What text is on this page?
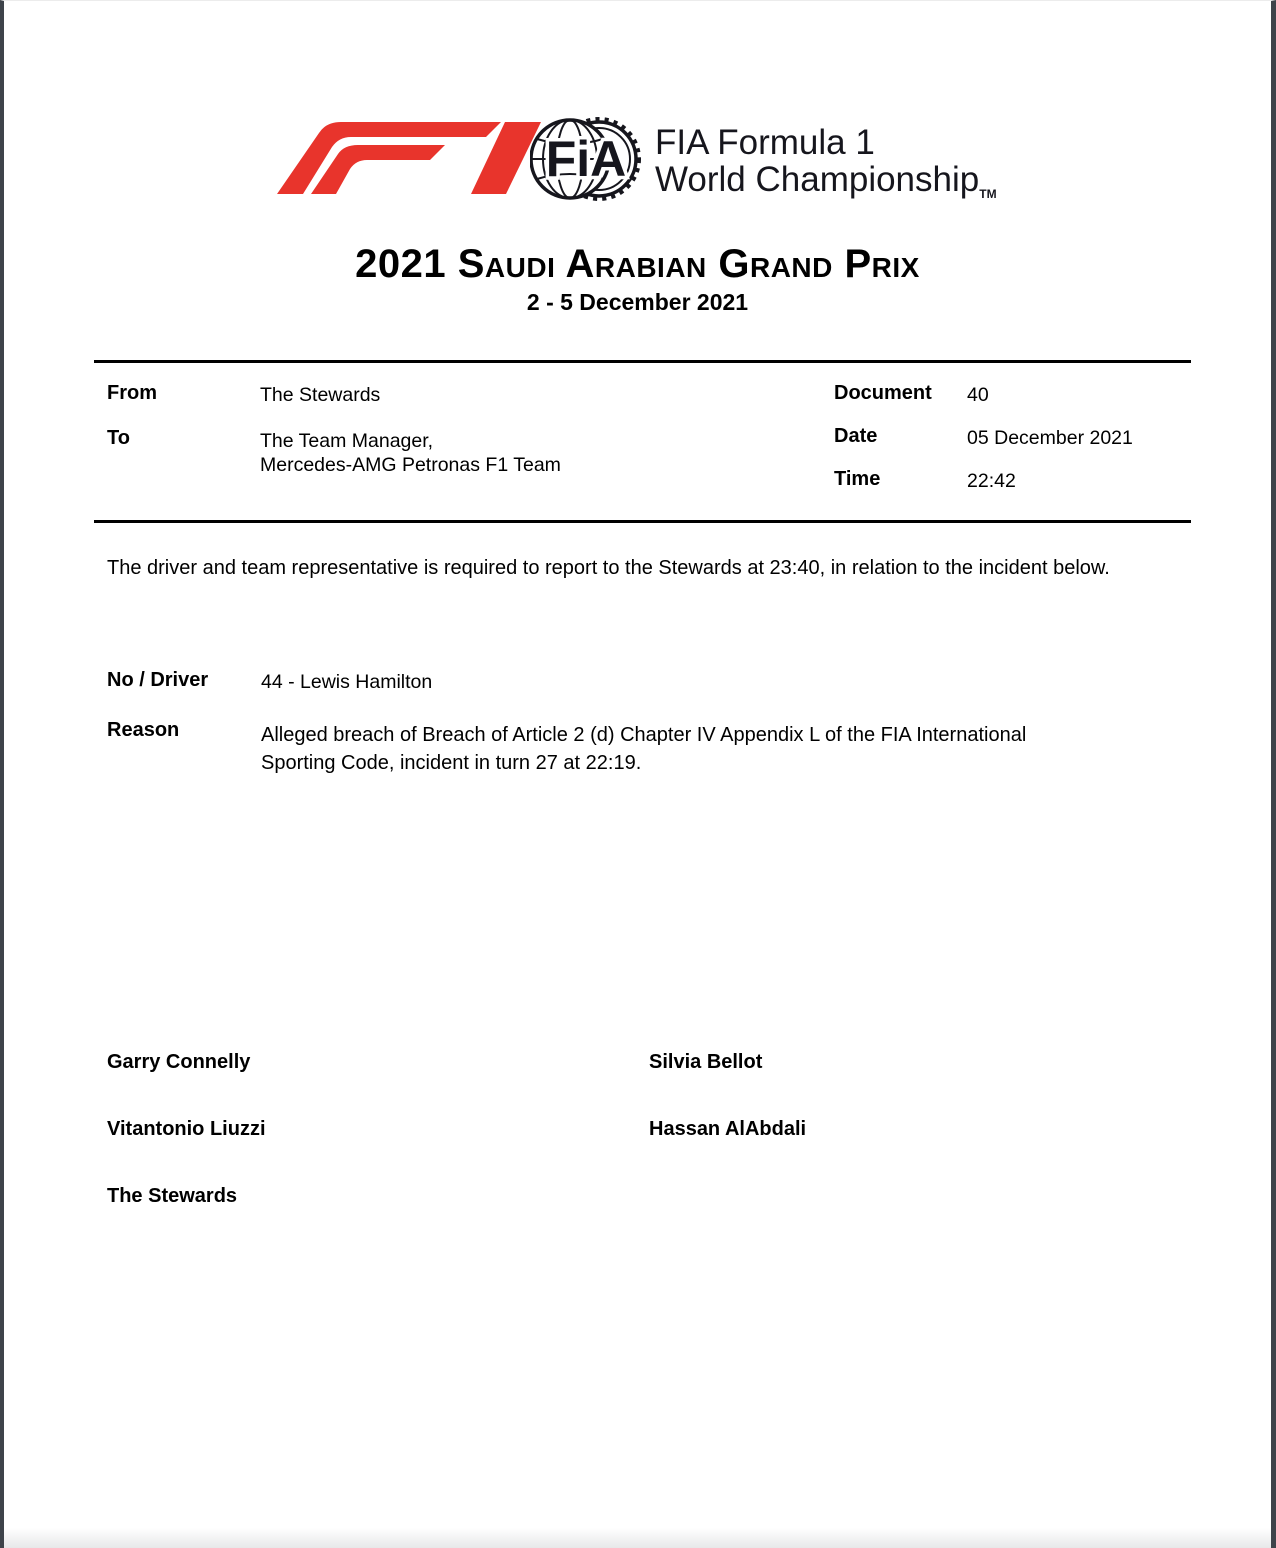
FiA FIA Formula 1
World ChampionshipTM
2021 Saudi Arabian Grand Prix
2 - 5 December 2021
From	The Stewards
To	The Team Manager,
Mercedes-AMG Petronas F1 Team
Document 40
Date	05 December 2021
Time	22:42
The driver and team representative is required to report to the Stewards at 23:40, in relation to the incident below.
No / Driver	44 - Lewis Hamilton
Reason	Alleged breach of Breach of Article 2 (d) Chapter IV Appendix L of the FIA International Sporting Code, incident in turn 27 at 22:19.
Garry Connelly	Silvia Bellot
Vitantonio Liuzzi	Hassan AlAbdali
The Stewards
